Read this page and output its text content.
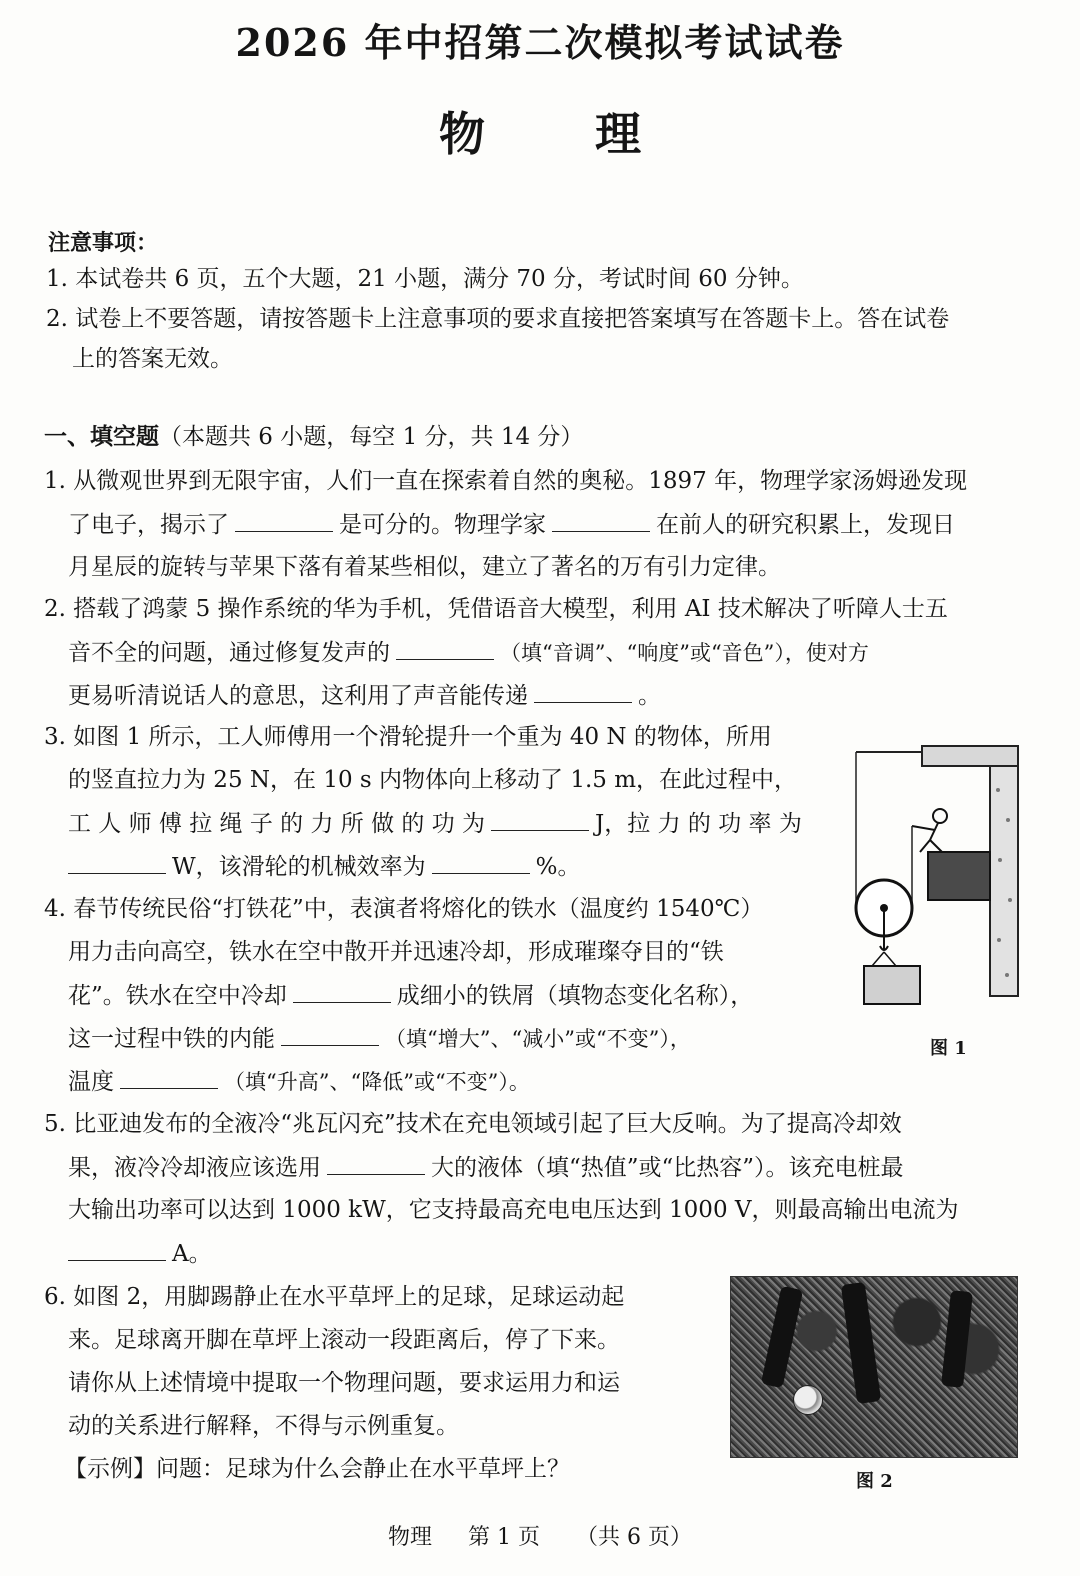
2026 年中招第二次模拟考试试卷
物理
注意事项：
1. 本试卷共 6 页，五个大题，21 小题，满分 70 分，考试时间 60 分钟。
2. 试卷上不要答题，请按答题卡上注意事项的要求直接把答案填写在答题卡上。答在试卷
上的答案无效。
一、填空题（本题共 6 小题，每空 1 分，共 14 分）
1. 从微观世界到无限宇宙，人们一直在探索着自然的奥秘。1897 年，物理学家汤姆逊发现
了电子，揭示了	是可分的。物理学家	在前人的研究积累上，发现日
月星辰的旋转与苹果下落有着某些相似，建立了著名的万有引力定律。
2. 搭载了鸿蒙 5 操作系统的华为手机，凭借语音大模型，利用 AI 技术解决了听障人士五
音不全的问题，通过修复发声的	（填“音调”、“响度”或“音色”），使对方
更易听清说话人的意思，这利用了声音能传递	。
3. 如图 1 所示，工人师傅用一个滑轮提升一个重为 40 N 的物体，所用
的竖直拉力为 25 N，在 10 s 内物体向上移动了 1.5 m，在此过程中，
工 人 师 傅 拉 绳 子 的 力 所 做 的 功 为	J，拉 力 的 功 率 为
W，该滑轮的机械效率为	%。
4. 春节传统民俗“打铁花”中，表演者将熔化的铁水（温度约 1540℃）
用力击向高空，铁水在空中散开并迅速冷却，形成璀璨夺目的“铁
花”。铁水在空中冷却	成细小的铁屑（填物态变化名称），
这一过程中铁的内能	（填“增大”、“减小”或“不变”），
温度	（填“升高”、“降低”或“不变”）。
5. 比亚迪发布的全液冷“兆瓦闪充”技术在充电领域引起了巨大反响。为了提高冷却效
果，液冷冷却液应该选用	大的液体（填“热值”或“比热容”）。该充电桩最
大输出功率可以达到 1000 kW，它支持最高充电电压达到 1000 V，则最高输出电流为
A。
6. 如图 2，用脚踢静止在水平草坪上的足球，足球运动起
来。足球离开脚在草坪上滚动一段距离后，停了下来。
请你从上述情境中提取一个物理问题，要求运用力和运
动的关系进行解释，不得与示例重复。
【示例】问题：足球为什么会静止在水平草坪上？
图 1
图 2
物理 第 1 页 （共 6 页）
